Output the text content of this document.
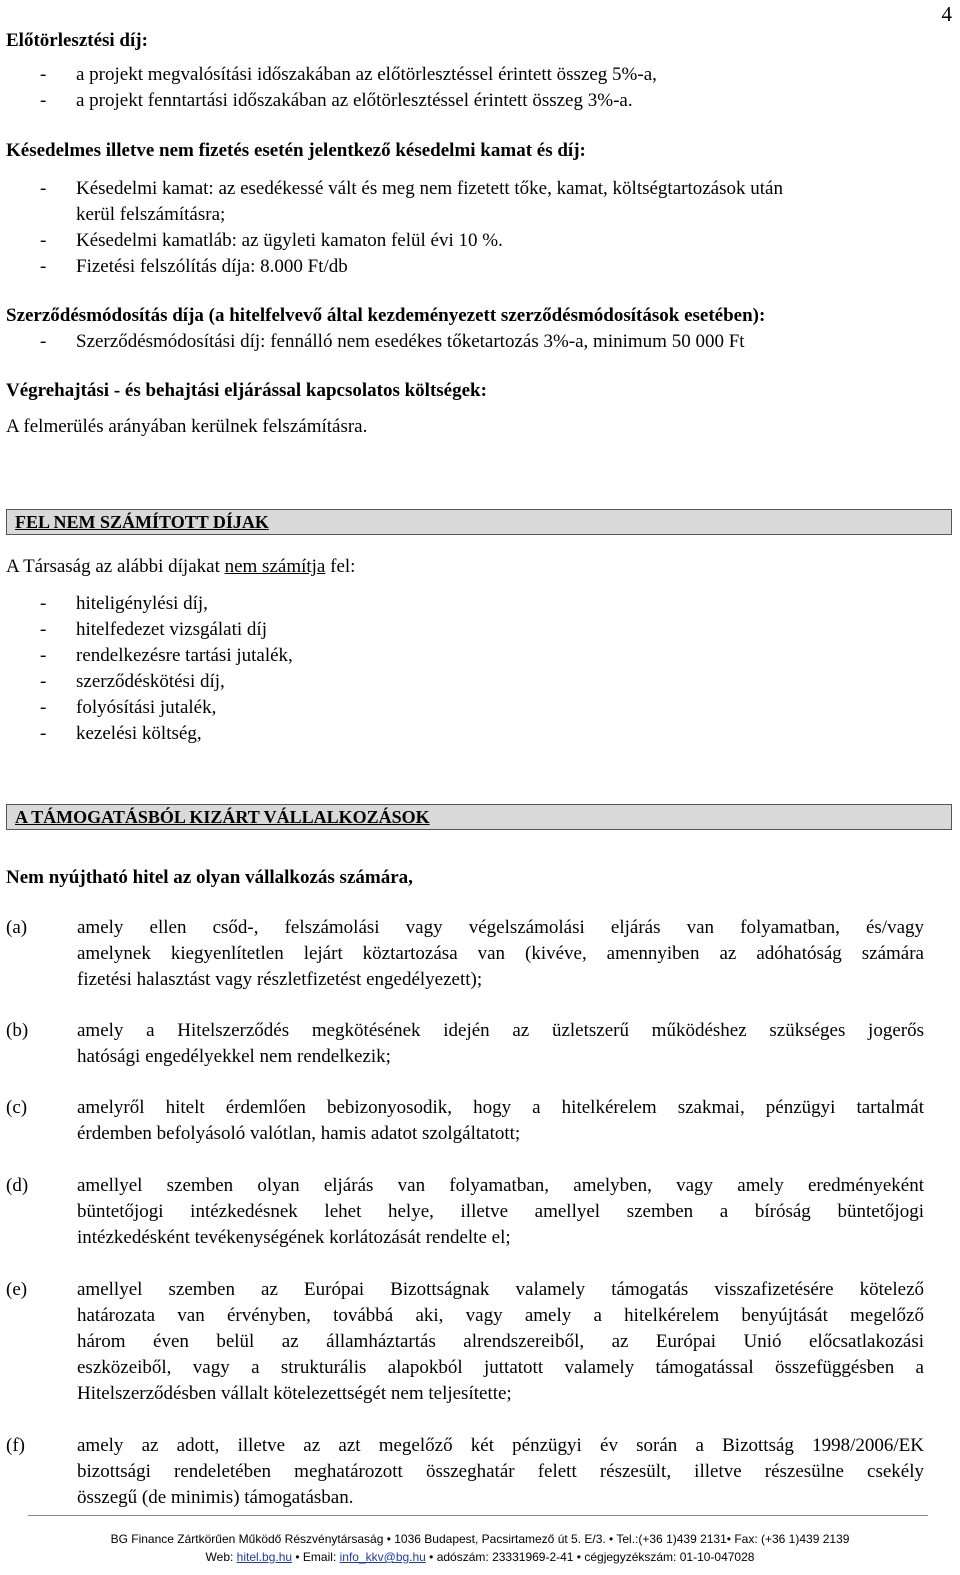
4
Előtörlesztési díj:
- a projekt megvalósítási időszakában az előtörlesztéssel érintett összeg 5%-a,
- a projekt fenntartási időszakában az előtörlesztéssel érintett összeg 3%-a.
Késedelmes illetve nem fizetés esetén jelentkező késedelmi kamat és díj:
- Késedelmi kamat: az esedékessé vált és meg nem fizetett tőke, kamat, költségtartozások után
kerül felszámításra;
- Késedelmi kamatláb: az ügyleti kamaton felül évi 10 %.
- Fizetési felszólítás díja: 8.000 Ft/db
Szerződésmódosítás díja (a hitelfelvevő által kezdeményezett szerződésmódosítások esetében):
- Szerződésmódosítási díj: fennálló nem esedékes tőketartozás 3%-a, minimum 50 000 Ft
Végrehajtási - és behajtási eljárással kapcsolatos költségek:
A felmerülés arányában kerülnek felszámításra.
FEL NEM SZÁMÍTOTT DÍJAK
A Társaság az alábbi díjakat nem számítja fel:
- hiteligénylési díj,
- hitelfedezet vizsgálati díj
- rendelkezésre tartási jutalék,
- szerződéskötési díj,
- folyósítási jutalék,
- kezelési költség,
A TÁMOGATÁSBÓL KIZÁRT VÁLLALKOZÁSOK
Nem nyújtható hitel az olyan vállalkozás számára,
(a)	amely ellen csőd-, felszámolási vagy végelszámolási eljárás van folyamatban, és/vagy
amelynek kiegyenlítetlen lejárt köztartozása van (kivéve, amennyiben az adóhatóság számára
fizetési halasztást vagy részletfizetést engedélyezett);
(b)	amely a Hitelszerződés megkötésének idején az üzletszerű működéshez szükséges jogerős
hatósági engedélyekkel nem rendelkezik;
(c)	amelyről hitelt érdemlően bebizonyosodik, hogy a hitelkérelem szakmai, pénzügyi tartalmát
érdemben befolyásoló valótlan, hamis adatot szolgáltatott;
(d)	amellyel szemben olyan eljárás van folyamatban, amelyben, vagy amely eredményeként
büntetőjogi intézkedésnek lehet helye, illetve amellyel szemben a bíróság büntetőjogi
intézkedésként tevékenységének korlátozását rendelte el;
(e)	amellyel szemben az Európai Bizottságnak valamely támogatás visszafizetésére kötelező
határozata van érvényben, továbbá aki, vagy amely a hitelkérelem benyújtását megelőző
három éven belül az államháztartás alrendszereiből, az Európai Unió előcsatlakozási
eszközeiből, vagy a strukturális alapokból juttatott valamely támogatással összefüggésben a
Hitelszerződésben vállalt kötelezettségét nem teljesítette;
(f)	amely az adott, illetve az azt megelőző két pénzügyi év során a Bizottság 1998/2006/EK
bizottsági rendeletében meghatározott összeghatár felett részesült, illetve részesülne csekély
összegű (de minimis) támogatásban.
BG Finance Zártkörűen Működő Részvénytársaság • 1036 Budapest, Pacsirtamező út 5. E/3. • Tel.:(+36 1)439 2131• Fax: (+36 1)439 2139
Web: hitel.bg.hu • Email: info_kkv@bg.hu • adószám: 23331969-2-41 • cégjegyzékszám: 01-10-047028
